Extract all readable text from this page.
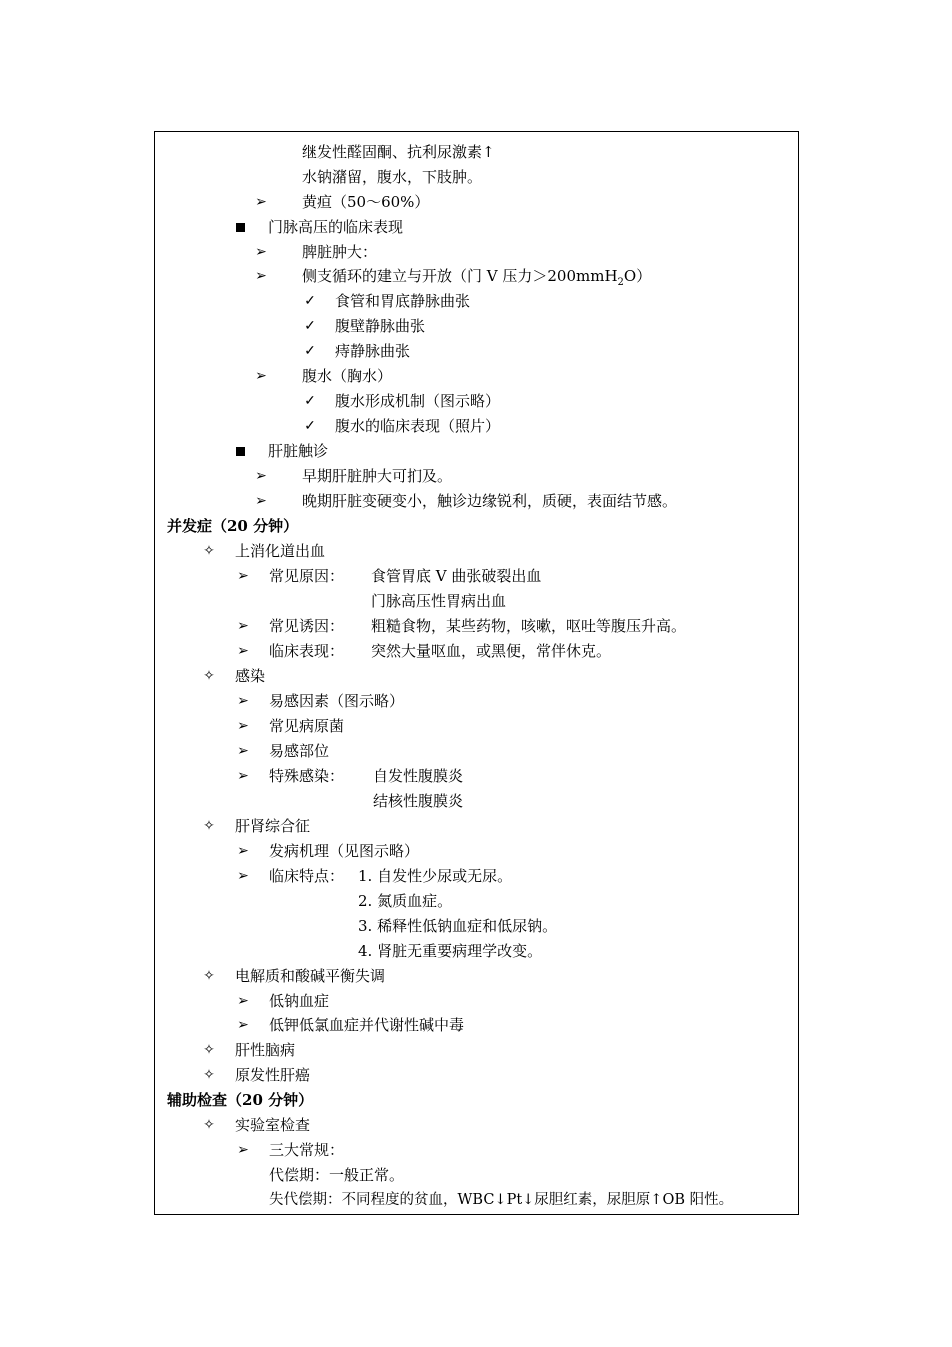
继发性醛固酮、抗利尿激素↑
水钠潴留，腹水，下肢肿。
➢ 黄疸（50～60%）
门脉高压的临床表现
➢ 脾脏肿大：
➢ 侧支循环的建立与开放（门 V 压力＞200mmH$_2$O）
✓ 食管和胃底静脉曲张
✓ 腹壁静脉曲张
✓ 痔静脉曲张
➢ 腹水（胸水）
✓ 腹水形成机制（图示略）
✓ 腹水的临床表现（照片）
肝脏触诊
➢ 早期肝脏肿大可扪及。
➢ 晚期肝脏变硬变小，触诊边缘锐利，质硬，表面结节感。
并发症（20 分钟）
✧ 上消化道出血
➢ 常见原因： 食管胃底 V 曲张破裂出血
门脉高压性胃病出血
➢ 常见诱因： 粗糙食物，某些药物，咳嗽，呕吐等腹压升高。
➢ 临床表现： 突然大量呕血，或黑便，常伴休克。
✧ 感染
➢ 易感因素（图示略）
➢ 常见病原菌
➢ 易感部位
➢ 特殊感染： 自发性腹膜炎
结核性腹膜炎
✧ 肝肾综合征
➢ 发病机理（见图示略）
➢ 临床特点： 1. 自发性少尿或无尿。
2. 氮质血症。
3. 稀释性低钠血症和低尿钠。
4. 肾脏无重要病理学改变。
✧ 电解质和酸碱平衡失调
➢ 低钠血症
➢ 低钾低氯血症并代谢性碱中毒
✧ 肝性脑病
✧ 原发性肝癌
辅助检查（20 分钟）
✧ 实验室检查
➢ 三大常规：
代偿期：一般正常。
失代偿期：不同程度的贫血，WBC↓Pt↓尿胆红素，尿胆原↑OB 阳性。
